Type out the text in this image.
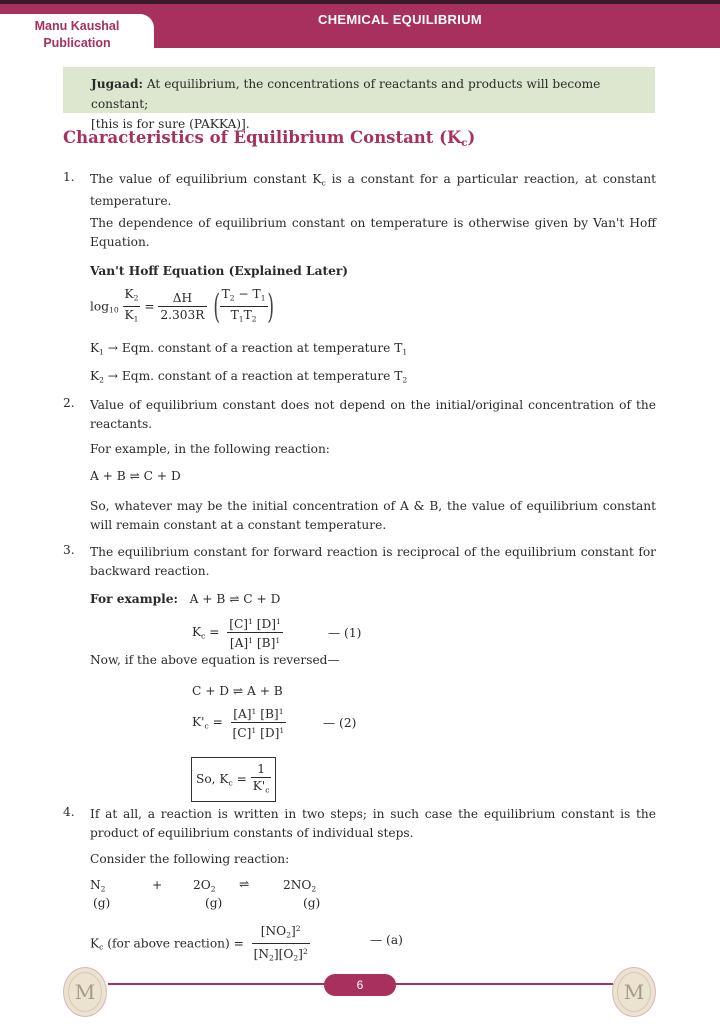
Manu Kaushal
Publication
CHEMICAL EQUILIBRIUM
Jugaad: At equilibrium, the concentrations of reactants and products will become constant;
[this is for sure (PAKKA)].
Characteristics of Equilibrium Constant $(K_c)$
1. The value of equilibrium constant $K_c$ is a constant for a particular reaction, at constant temperature.
The dependence of equilibrium constant on temperature is otherwise given by Van't Hoff Equation.
Van't Hoff Equation (Explained Later)
$\log_{10} \frac{K_2}{K_1} = \frac{\Delta H}{2.303R}$ ( $\frac{T_2 - T_1}{T_1T_2}$ )
$K_1$ → Eqm. constant of a reaction at temperature $T_1$
$K_2$ → Eqm. constant of a reaction at temperature $T_2$
2. Value of equilibrium constant does not depend on the initial/original concentration of the reactants.
For example, in the following reaction:
A + B ⇌ C + D
So, whatever may be the initial concentration of A & B, the value of equilibrium constant will remain constant at a constant temperature.
3. The equilibrium constant for forward reaction is reciprocal of the equilibrium constant for backward reaction.
For example: A + B ⇌ C + D
$K_c = \frac{[C]^1 [D]^1}{[A]^1 [B]^1}$	— (1)
Now, if the above equation is reversed—
C + D ⇌ A + B
$K'_c = \frac{[A]^1 [B]^1}{[C]^1 [D]^1}$	— (2)
So, $K_c = \frac{1}{K'_c}$
4. If at all, a reaction is written in two steps; in such case the equilibrium constant is the product of equilibrium constants of individual steps.
Consider the following reaction:
$N_2$
(g)
+	$2O_2$
(g)
⇌	$2NO_2$
(g)
$K_c$ (for above reaction) = $\frac{[NO_2]^2}{[N_2][O_2]^2}$	— (a)
M	M
6
